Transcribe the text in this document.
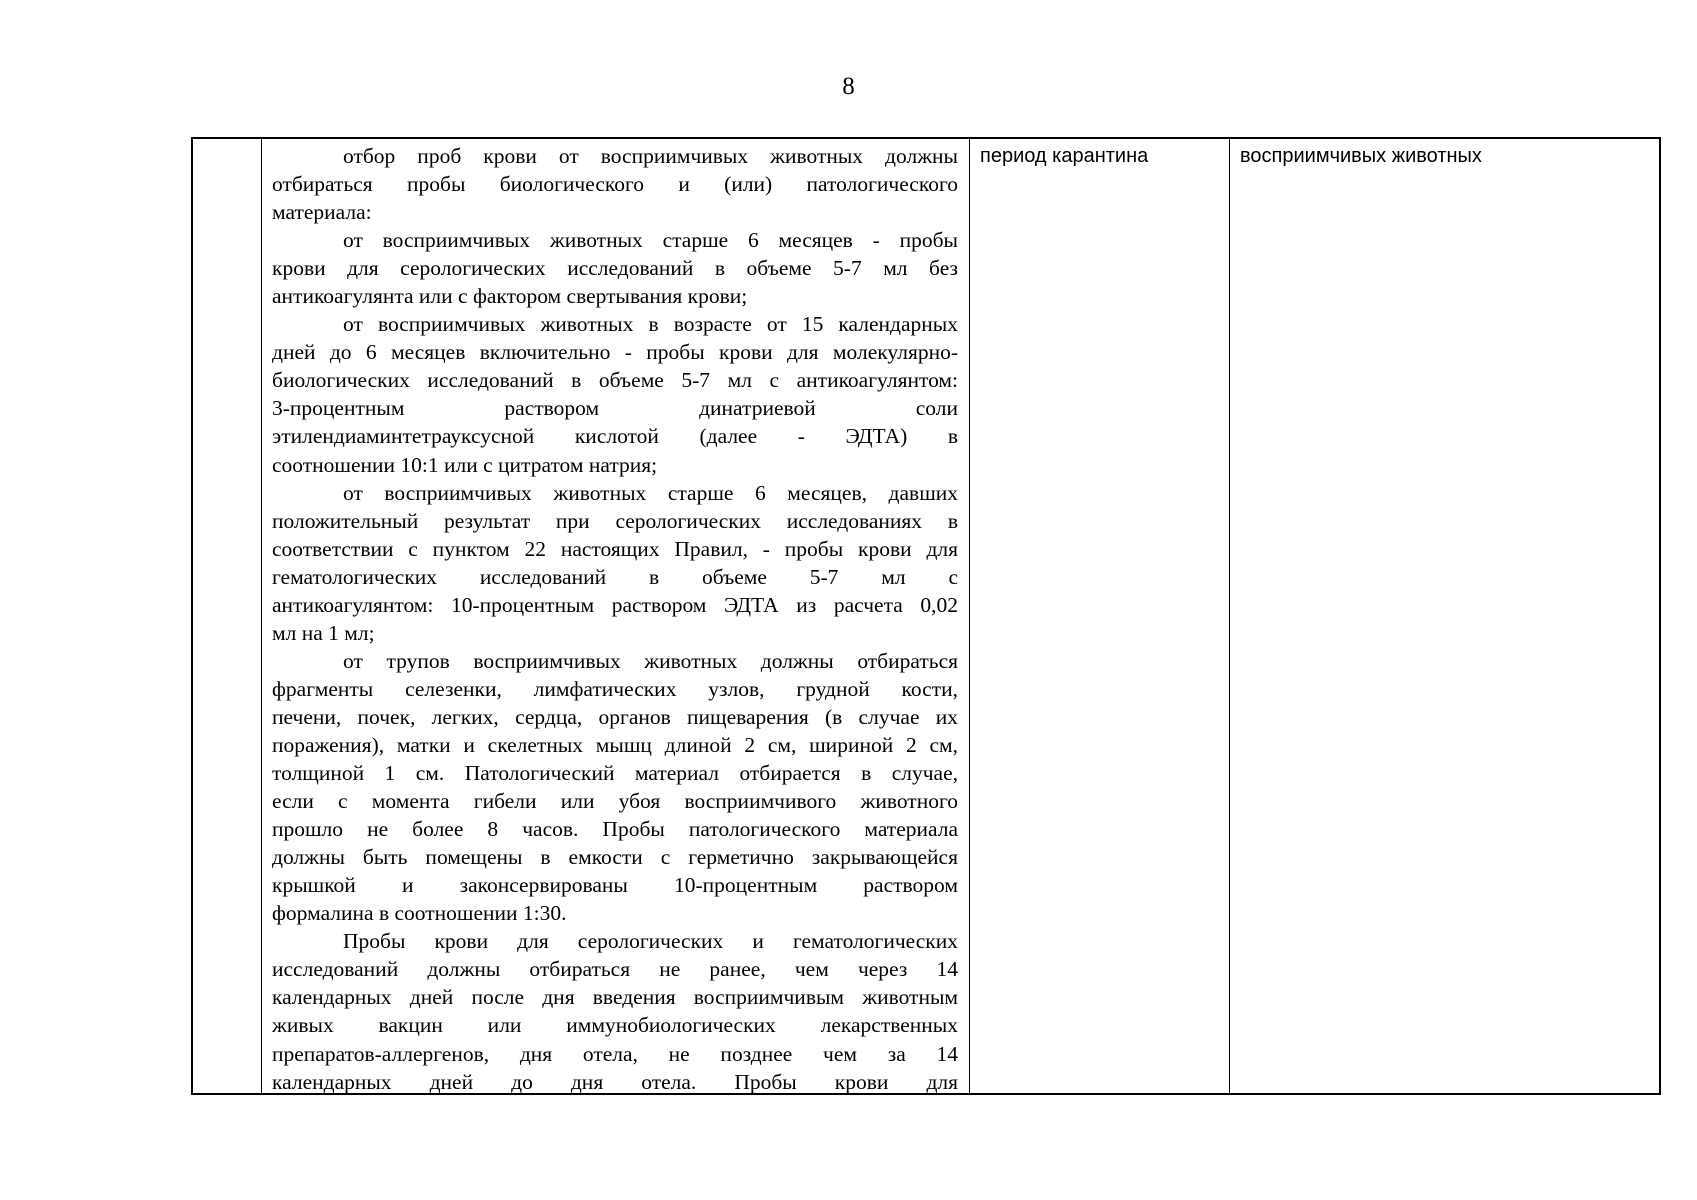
8
отбор проб крови от восприимчивых животных должны
отбираться пробы биологического и (или) патологического
материала:
от восприимчивых животных старше 6 месяцев - пробы
крови для серологических исследований в объеме 5-7 мл без
антикоагулянта или с фактором свертывания крови;
от восприимчивых животных в возрасте от 15 календарных
дней до 6 месяцев включительно - пробы крови для молекулярно-
биологических исследований в объеме 5-7 мл с антикоагулянтом:
3-процентным раствором динатриевой соли
этилендиаминтетрауксусной кислотой (далее - ЭДТА) в
соотношении 10:1 или с цитратом натрия;
от восприимчивых животных старше 6 месяцев, давших
положительный результат при серологических исследованиях в
соответствии с пунктом 22 настоящих Правил, - пробы крови для
гематологических исследований в объеме 5-7 мл с
антикоагулянтом: 10-процентным раствором ЭДТА из расчета 0,02
мл на 1 мл;
от трупов восприимчивых животных должны отбираться
фрагменты селезенки, лимфатических узлов, грудной кости,
печени, почек, легких, сердца, органов пищеварения (в случае их
поражения), матки и скелетных мышц длиной 2 см, шириной 2 см,
толщиной 1 см. Патологический материал отбирается в случае,
если с момента гибели или убоя восприимчивого животного
прошло не более 8 часов. Пробы патологического материала
должны быть помещены в емкости с герметично закрывающейся
крышкой и законсервированы 10-процентным раствором
формалина в соотношении 1:30.
Пробы крови для серологических и гематологических
исследований должны отбираться не ранее, чем через 14
календарных дней после дня введения восприимчивым животным
живых вакцин или иммунобиологических лекарственных
препаратов-аллергенов, дня отела, не позднее чем за 14
календарных дней до дня отела. Пробы крови для
период карантина	восприимчивых животных
